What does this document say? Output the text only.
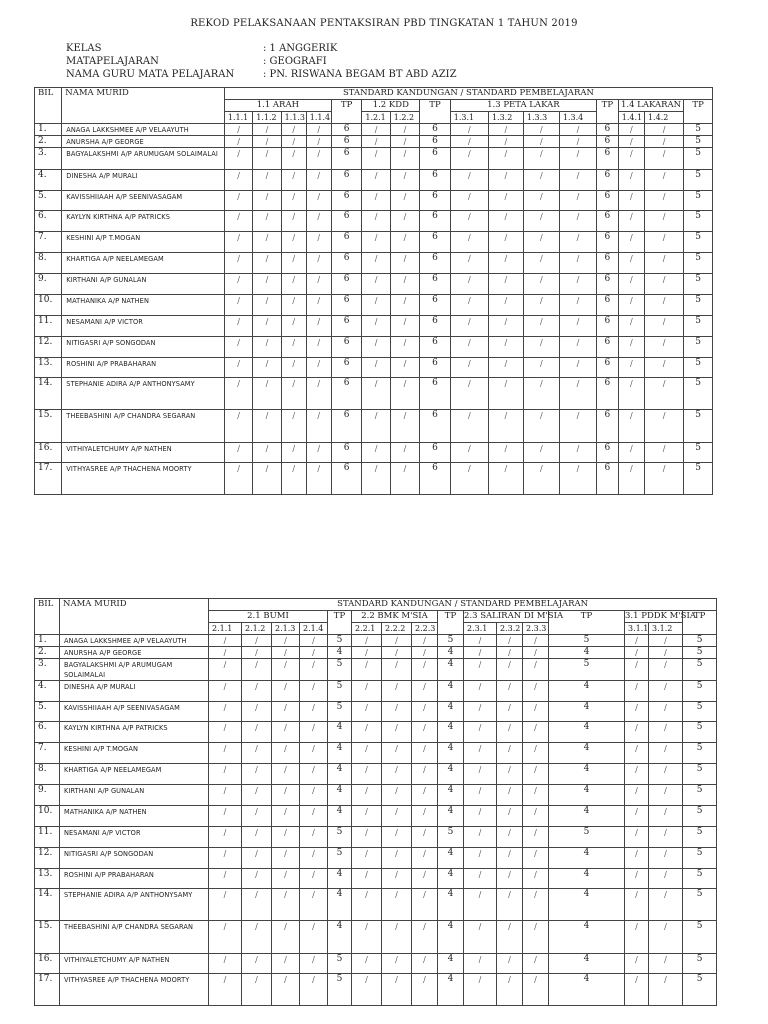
REKOD PELAKSANAAN PENTAKSIRAN PBD TINGKATAN 1 TAHUN 2019
KELAS	: 1 ANGGERIK
MATAPELAJARAN	: GEOGRAFI
NAMA GURU MATA PELAJARAN	: PN. RISWANA BEGAM BT ABD AZIZ
BIL	NAMA MURID	STANDARD KANDUNGAN / STANDARD PEMBELAJARAN															
		1.1 ARAH				TP	1.2 KDD		TP	1.3 PETA LAKAR				TP	1.4 LAKARAN		TP
		1.1.1	1.1.2	1.1.3	1.1.4		1.2.1	1.2.2		1.3.1	1.3.2	1.3.3	1.3.4		1.4.1	1.4.2	
1.	ANAGA LAKKSHMEE A/P VELAAYUTH	/	/	/	/	6	/	/	6	/	/	/	/	6	/	/	5
2.	ANURSHA A/P GEORGE	/	/	/	/	6	/	/	6	/	/	/	/	6	/	/	5
3.	BAGYALAKSHMI A/P ARUMUGAM SOLAIMALAI	/	/	/	/	6	/	/	6	/	/	/	/	6	/	/	5
4.	DINESHA A/P MURALI	/	/	/	/	6	/	/	6	/	/	/	/	6	/	/	5
5.	KAVISSHIIAAH A/P SEENIVASAGAM	/	/	/	/	6	/	/	6	/	/	/	/	6	/	/	5
6.	KAYLYN KIRTHNA A/P PATRICKS	/	/	/	/	6	/	/	6	/	/	/	/	6	/	/	5
7.	KESHINI A/P T.MOGAN	/	/	/	/	6	/	/	6	/	/	/	/	6	/	/	5
8.	KHARTIGA A/P NEELAMEGAM	/	/	/	/	6	/	/	6	/	/	/	/	6	/	/	5
9.	KIRTHANI A/P GUNALAN	/	/	/	/	6	/	/	6	/	/	/	/	6	/	/	5
10.	MATHANIKA A/P NATHEN	/	/	/	/	6	/	/	6	/	/	/	/	6	/	/	5
11.	NESAMANI A/P VICTOR	/	/	/	/	6	/	/	6	/	/	/	/	6	/	/	5
12.	NITIGASRI A/P SONGODAN	/	/	/	/	6	/	/	6	/	/	/	/	6	/	/	5
13.	ROSHINI A/P PRABAHARAN	/	/	/	/	6	/	/	6	/	/	/	/	6	/	/	5
14.	STEPHANIE ADIRA A/P ANTHONYSAMY	/	/	/	/	6	/	/	6	/	/	/	/	6	/	/	5
15.	THEEBASHINI A/P CHANDRA SEGARAN	/	/	/	/	6	/	/	6	/	/	/	/	6	/	/	5
16.	VITHIYALETCHUMY A/P NATHEN	/	/	/	/	6	/	/	6	/	/	/	/	6	/	/	5
17.	VITHYASREE A/P THACHENA MOORTY	/	/	/	/	6	/	/	6	/	/	/	/	6	/	/	5
BIL	NAMA MURID	STANDARD KANDUNGAN / STANDARD PEMBELAJARAN															
		2.1 BUMI				TP	2.2 BMK M'SIA			TP	2.3 SALIRAN DI M'SIA			TP	3.1 PDDK M'SIA		TP
		2.1.1	2.1.2	2.1.3	2.1.4		2.2.1	2.2.2	2.2.3		2.3.1	2.3.2	2.3.3		3.1.1	3.1.2	
1.	ANAGA LAKKSHMEE A/P VELAAYUTH	/	/	/	/	5	/	/	/	5	/	/	/	5	/	/	5
2.	ANURSHA A/P GEORGE	/	/	/	/	4	/	/	/	4	/	/	/	4	/	/	5
3.	BAGYALAKSHMI A/P ARUMUGAM SOLAIMALAI	/	/	/	/	5	/	/	/	4	/	/	/	5	/	/	5
4.	DINESHA A/P MURALI	/	/	/	/	5	/	/	/	4	/	/	/	4	/	/	5
5.	KAVISSHIIAAH A/P SEENIVASAGAM	/	/	/	/	5	/	/	/	4	/	/	/	4	/	/	5
6.	KAYLYN KIRTHNA A/P PATRICKS	/	/	/	/	4	/	/	/	4	/	/	/	4	/	/	5
7.	KESHINI A/P T.MOGAN	/	/	/	/	4	/	/	/	4	/	/	/	4	/	/	5
8.	KHARTIGA A/P NEELAMEGAM	/	/	/	/	4	/	/	/	4	/	/	/	4	/	/	5
9.	KIRTHANI A/P GUNALAN	/	/	/	/	4	/	/	/	4	/	/	/	4	/	/	5
10.	MATHANIKA A/P NATHEN	/	/	/	/	4	/	/	/	4	/	/	/	4	/	/	5
11.	NESAMANI A/P VICTOR	/	/	/	/	5	/	/	/	5	/	/	/	5	/	/	5
12.	NITIGASRI A/P SONGODAN	/	/	/	/	5	/	/	/	4	/	/	/	4	/	/	5
13.	ROSHINI A/P PRABAHARAN	/	/	/	/	4	/	/	/	4	/	/	/	4	/	/	5
14.	STEPHANIE ADIRA A/P ANTHONYSAMY	/	/	/	/	4	/	/	/	4	/	/	/	4	/	/	5
15.	THEEBASHINI A/P CHANDRA SEGARAN	/	/	/	/	4	/	/	/	4	/	/	/	4	/	/	5
16.	VITHIYALETCHUMY A/P NATHEN	/	/	/	/	5	/	/	/	4	/	/	/	4	/	/	5
17.	VITHYASREE A/P THACHENA MOORTY	/	/	/	/	5	/	/	/	4	/	/	/	4	/	/	5
